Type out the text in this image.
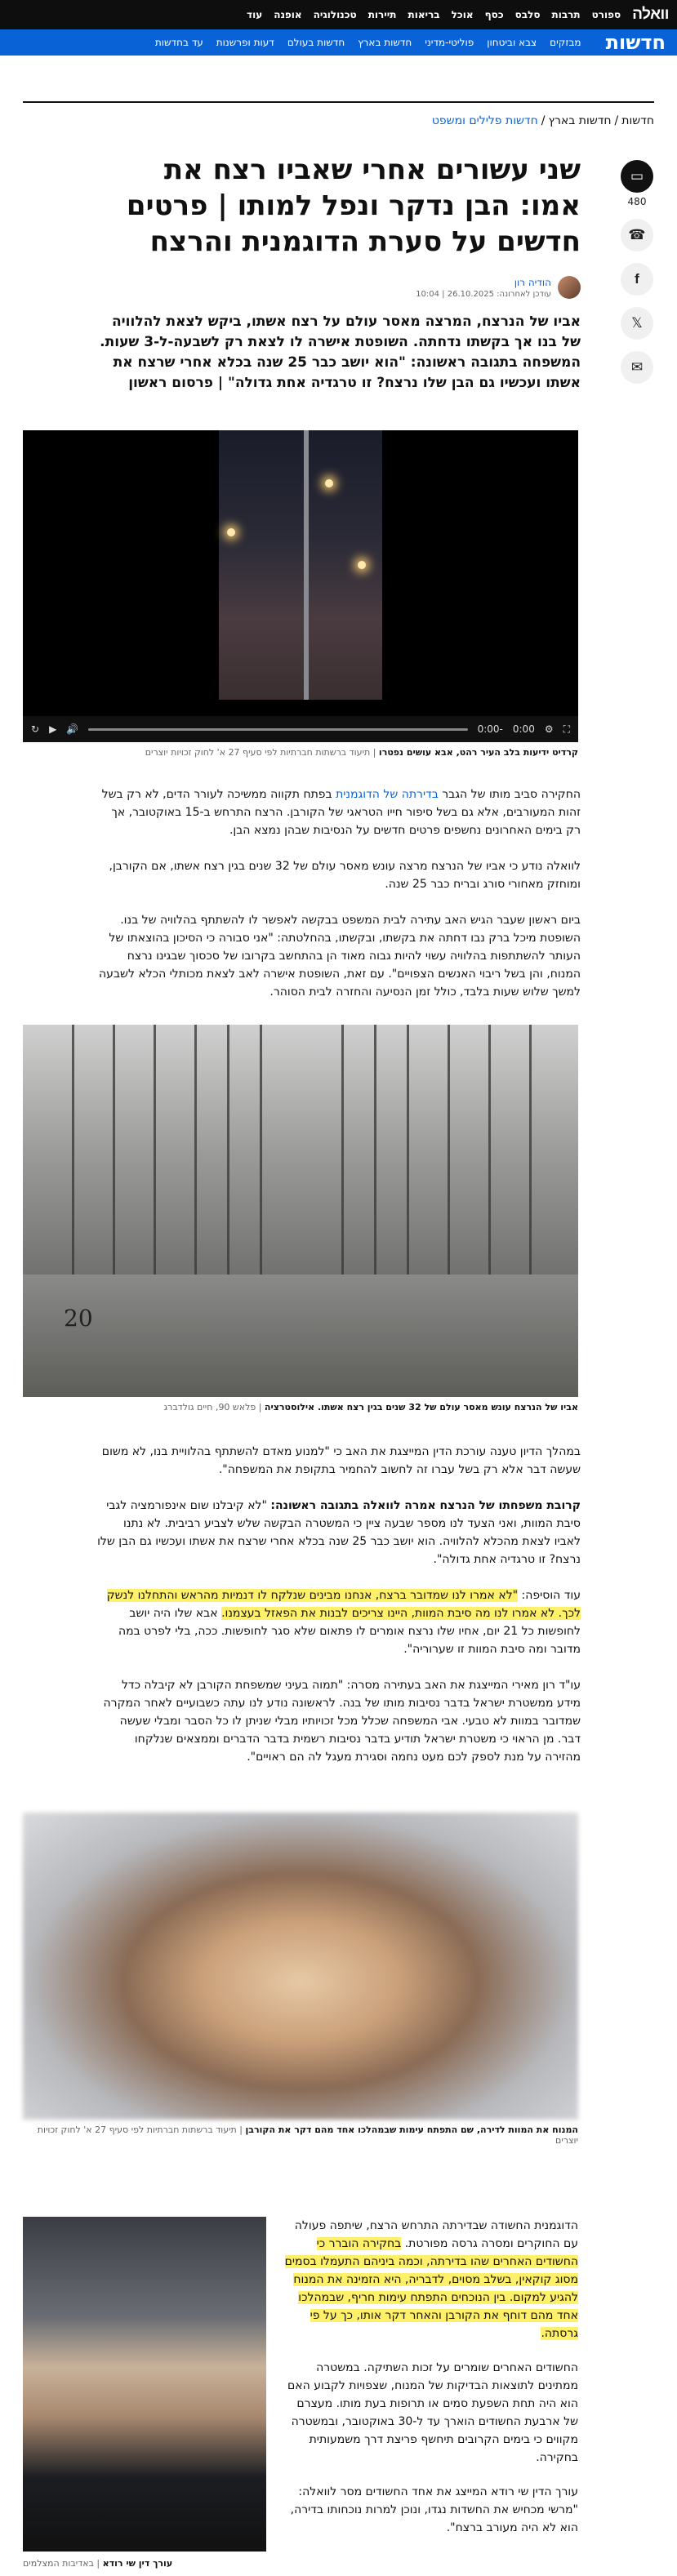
וואלה
ספורט
תרבות
סלבס
כסף
אוכל
בריאות
תיירות
טכנולוגיה
אופנה
עוד
חדשות
מבזקים
צבא וביטחון
פוליטי-מדיני
חדשות בארץ
חדשות בעולם
דעות ופרשנות
עד בחדשות
חדשות
/
חדשות בארץ
/
חדשות פלילים ומשפט
▭
480
☎
f
𝕏
✉
שני עשורים אחרי שאביו רצח את אמו: הבן נדקר ונפל למותו | פרטים חדשים על סערת הדוגמנית והרצח
הודיה רון
עודכן לאחרונה: 26.10.2025 | 10:04

אביו של הנרצח, המרצה מאסר עולם על רצח אשתו, ביקש לצאת להלוויה של בנו אך בקשתו נדחתה. השופטת אישרה לו לצאת רק לשבעה-ל-3 שעות. המשפחה בתגובה ראשונה: "הוא יושב כבר 25 שנה בכלא אחרי שרצח את אשתו ועכשיו גם הבן שלו נרצח? זו טרגדיה אחת גדולה" | פרסום ראשון

⛶
⚙
0:00
-0:00
🔊
▶
↻
קרדיט ידיעות בלב העיר רהט, אבא עושים נפטרו | תיעוד ברשתות חברתיות לפי סעיף 27 א' לחוק זכויות יוצרים

החקירה סביב מותו של הגבר בדירתה של הדוגמנית בפתח תקווה ממשיכה לעורר הדים, לא רק בשל זהות המעורבים, אלא גם בשל סיפור חייו הטראגי של הקורבן. הרצח התרחש ב-15 באוקטובר, אך רק בימים האחרונים נחשפים פרטים חדשים על הנסיבות שבהן נמצא הבן.

לוואלה נודע כי אביו של הנרצח מרצה עונש מאסר עולם של 32 שנים בגין רצח אשתו, אם הקורבן, ומוחזק מאחורי סורג ובריח כבר 25 שנה.

ביום ראשון שעבר הגיש האב עתירה לבית המשפט בבקשה לאפשר לו להשתתף בהלוויה של בנו. השופטת מיכל ברק נבו דחתה את בקשתו, ובקשתו, בהחלטתה: "אני סבורה כי הסיכון בהוצאתו של העותר להשתתפות בהלוויה עשוי להיות גבוה מאוד הן בהתחשב בקרובו של סכסוך שבגינו נרצח המנוח, והן בשל ריבוי האנשים הצפויים". עם זאת, השופטת אישרה לאב לצאת מכותלי הכלא לשבעה למשך שלוש שעות בלבד, כולל זמן הנסיעה והחזרה לבית הסוהר.

20
אביו של הנרצח עונש מאסר עולם של 32 שנים בגין רצח אשתו. אילוסטרציה | פלאש 90, חיים גולדברג

במהלך הדיון טענה עורכת הדין המייצגת את האב כי "למנוע מאדם להשתתף בהלוויית בנו, לא משום שעשה דבר אלא רק בשל עברו זה לחשוב להחמיר בתקופת את המשפחה".

קרובת משפחתו של הנרצח אמרה לוואלה בתגובה ראשונה: "לא קיבלנו שום אינפורמציה לגבי סיבת המוות, ואני הצעד לנו מספר שבעה ציין כי המשטרה הבקשה שלש לצביע רביבית. לא נתנו לאביו לצאת מהכלא להלוויה. הוא יושב כבר 25 שנה בכלא אחרי שרצח את אשתו ועכשיו גם הבן שלו נרצח? זו טרגדיה אחת גדולה".

עוד הוסיפה: "לא אמרו לנו שמדובר ברצח, אנחנו מבינים שנלקח לו דנמיות מהראש והתחלנו לנשק לכך. לא אמרו לנו מה סיבת המוות, היינו צריכים לבנות את הפאזל בעצמנו. אבא שלו היה יושב לחופשות כל 21 יום, אחיו שלו נרצח אומרים לו פתאום שלא סגר לחופשות. ככה, בלי לפרט במה מדובר ומה סיבת המוות זו שערוריה".

עו"ד רון מאירי המייצגת את האב בעתירה מסרה: "תמוה בעיני שמשפחת הקורבן לא קיבלה כדל מידע ממשטרת ישראל בדבר נסיבות מותו של בנה. לראשונה נודע לנו עתה כשבועיים לאחר המקרה שמדובר במוות לא טבעי. אבי המשפחה שכלל מכל זכויותיו מבלי שניתן לו כל הסבר ומבלי שעשה דבר. מן הראוי כי משטרת ישראל תודיע בדבר נסיבות רשמית בדבר הדברים וממצאים שנלקחו מהזירה על מנת לספק לכם מעט נחמה וסגירת מעגל לה הם ראויים".

המנוח את המוות לדירה, שם התפתח עימות שבמהלכו אחד מהם דקר את הקורבן | תיעוד ברשתות חברתיות לפי סעיף 27 א' לחוק זכויות יוצרים

הדוגמנית החשודה שבדירתה התרחש הרצח, שיתפה פעולה עם החוקרים ומסרה גרסה מפורטת. בחקירה הוברר כי החשודים האחרים שהו בדירתה, וכמה ביניהם התעמלו בסמים מסוג קוקאין, בשלב מסוים, לדבריה, היא הזמינה את המנוח להגיע למקום. בין הנוכחים התפתח עימות חריף, שבמהלכו אחד מהם דוחף את הקורבן והאחר דקר אותו, כך על פי גרסתה.

החשודים האחרים שומרים על זכות השתיקה. במשטרה ממתינים לתוצאות הבדיקות של המנוח, שצפויות לקבוע האם הוא היה תחת השפעת סמים או תרופות בעת מותו. מעצרם של ארבעת החשודים הוארך עד ל-30 באוקטובר, ובמשטרה מקווים כי בימים הקרובים תיחשף פריצת דרך משמעותית בחקירה.

עורך הדין שי רודא המייצג את אחד החשודים מסר לוואלה: "מרשי מכחיש את החשדות נגדו, ונוכן למרות נוכחותו בדירה, הוא לא היה מעורב ברצח".

עורך דין שי רודא | באדיבות המצלמים
